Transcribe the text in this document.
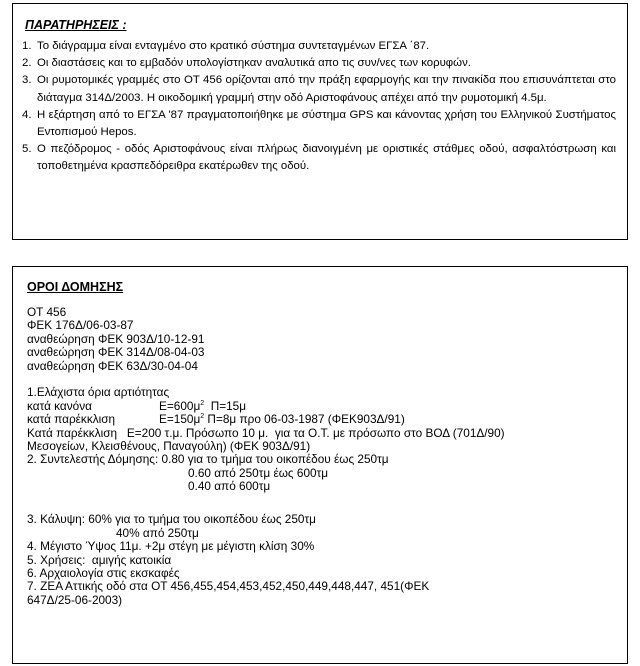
ΠΑΡΑΤΗΡΗΣΕΙΣ :
1. Το διάγραμμα είναι ενταγμένο στο κρατικό σύστημα συντεταγμένων ΕΓΣΑ ΄87.
2. Οι διαστάσεις και το εμβαδόν υπολογίστηκαν αναλυτικά απο τις συν/νες των κορυφών.
3. Οι ρυμοτομικές γραμμές στο ΟΤ 456 ορίζονται από την πράξη εφαρμογής και την πινακίδα που επισυνάπτεται στο διάταγμα 314Δ/2003. Η οικοδομική γραμμή στην οδό Αριστοφάνους απέχει από την ρυμοτομική 4.5μ.
4. Η εξάρτηση από το ΕΓΣΑ '87 πραγματοποιήθηκε με σύστημα GPS και κάνοντας χρήση του Ελληνικού Συστήματος Εντοπισμού Hepos.
5. Ο πεζόδρομος - οδός Αριστοφάνους είναι πλήρως διανοιγμένη με οριστικές στάθμες οδού, ασφαλτόστρωση και τοποθετημένα κρασπεδόρειθρα εκατέρωθεν της οδού.
ΟΡΟΙ ΔΟΜΗΣΗΣ
ΟΤ 456
ΦΕΚ 176Δ/06-03-87
αναθεώρηση ΦΕΚ 903Δ/10-12-91
αναθεώρηση ΦΕΚ 314Δ/08-04-03
αναθεώρηση ΦΕΚ 63Δ/30-04-04
1.Ελάχιστα όρια αρτιότητας
κατά κανόνα	$E=600\mu^2$  Π=15μ
κατά παρέκκλιση	$E=150\mu^2$ Π=8μ προ 06-03-1987 (ΦΕΚ903Δ/91)
Κατά παρέκκλιση   Ε=200 τ.μ. Πρόσωπο 10 μ.  για τα Ο.Τ. με πρόσωπο στο ΒΟΔ (701Δ/90)
Μεσογείων, Κλεισθένους, Παναγούλη) (ΦΕΚ 903Δ/91)
2. Συντελεστής Δόμησης: 0.80 για το τμήμα του οικοπέδου έως 250τμ
0.60 από 250τμ έως 600τμ
0.40 από 600τμ
3. Κάλυψη: 60% για το τμήμα του οικοπέδου έως 250τμ
40% από 250τμ
4. Μέγιστο Ύψος 11μ. +2μ στέγη με μέγιστη κλίση 30%
5. Χρήσεις:  αμιγής κατοικία
6. Αρχαιολογία στις εκσκαφές
7. ΖΕΑ Αττικής οδό στα ΟΤ 456,455,454,453,452,450,449,448,447, 451(ΦΕΚ
647Δ/25-06-2003)
